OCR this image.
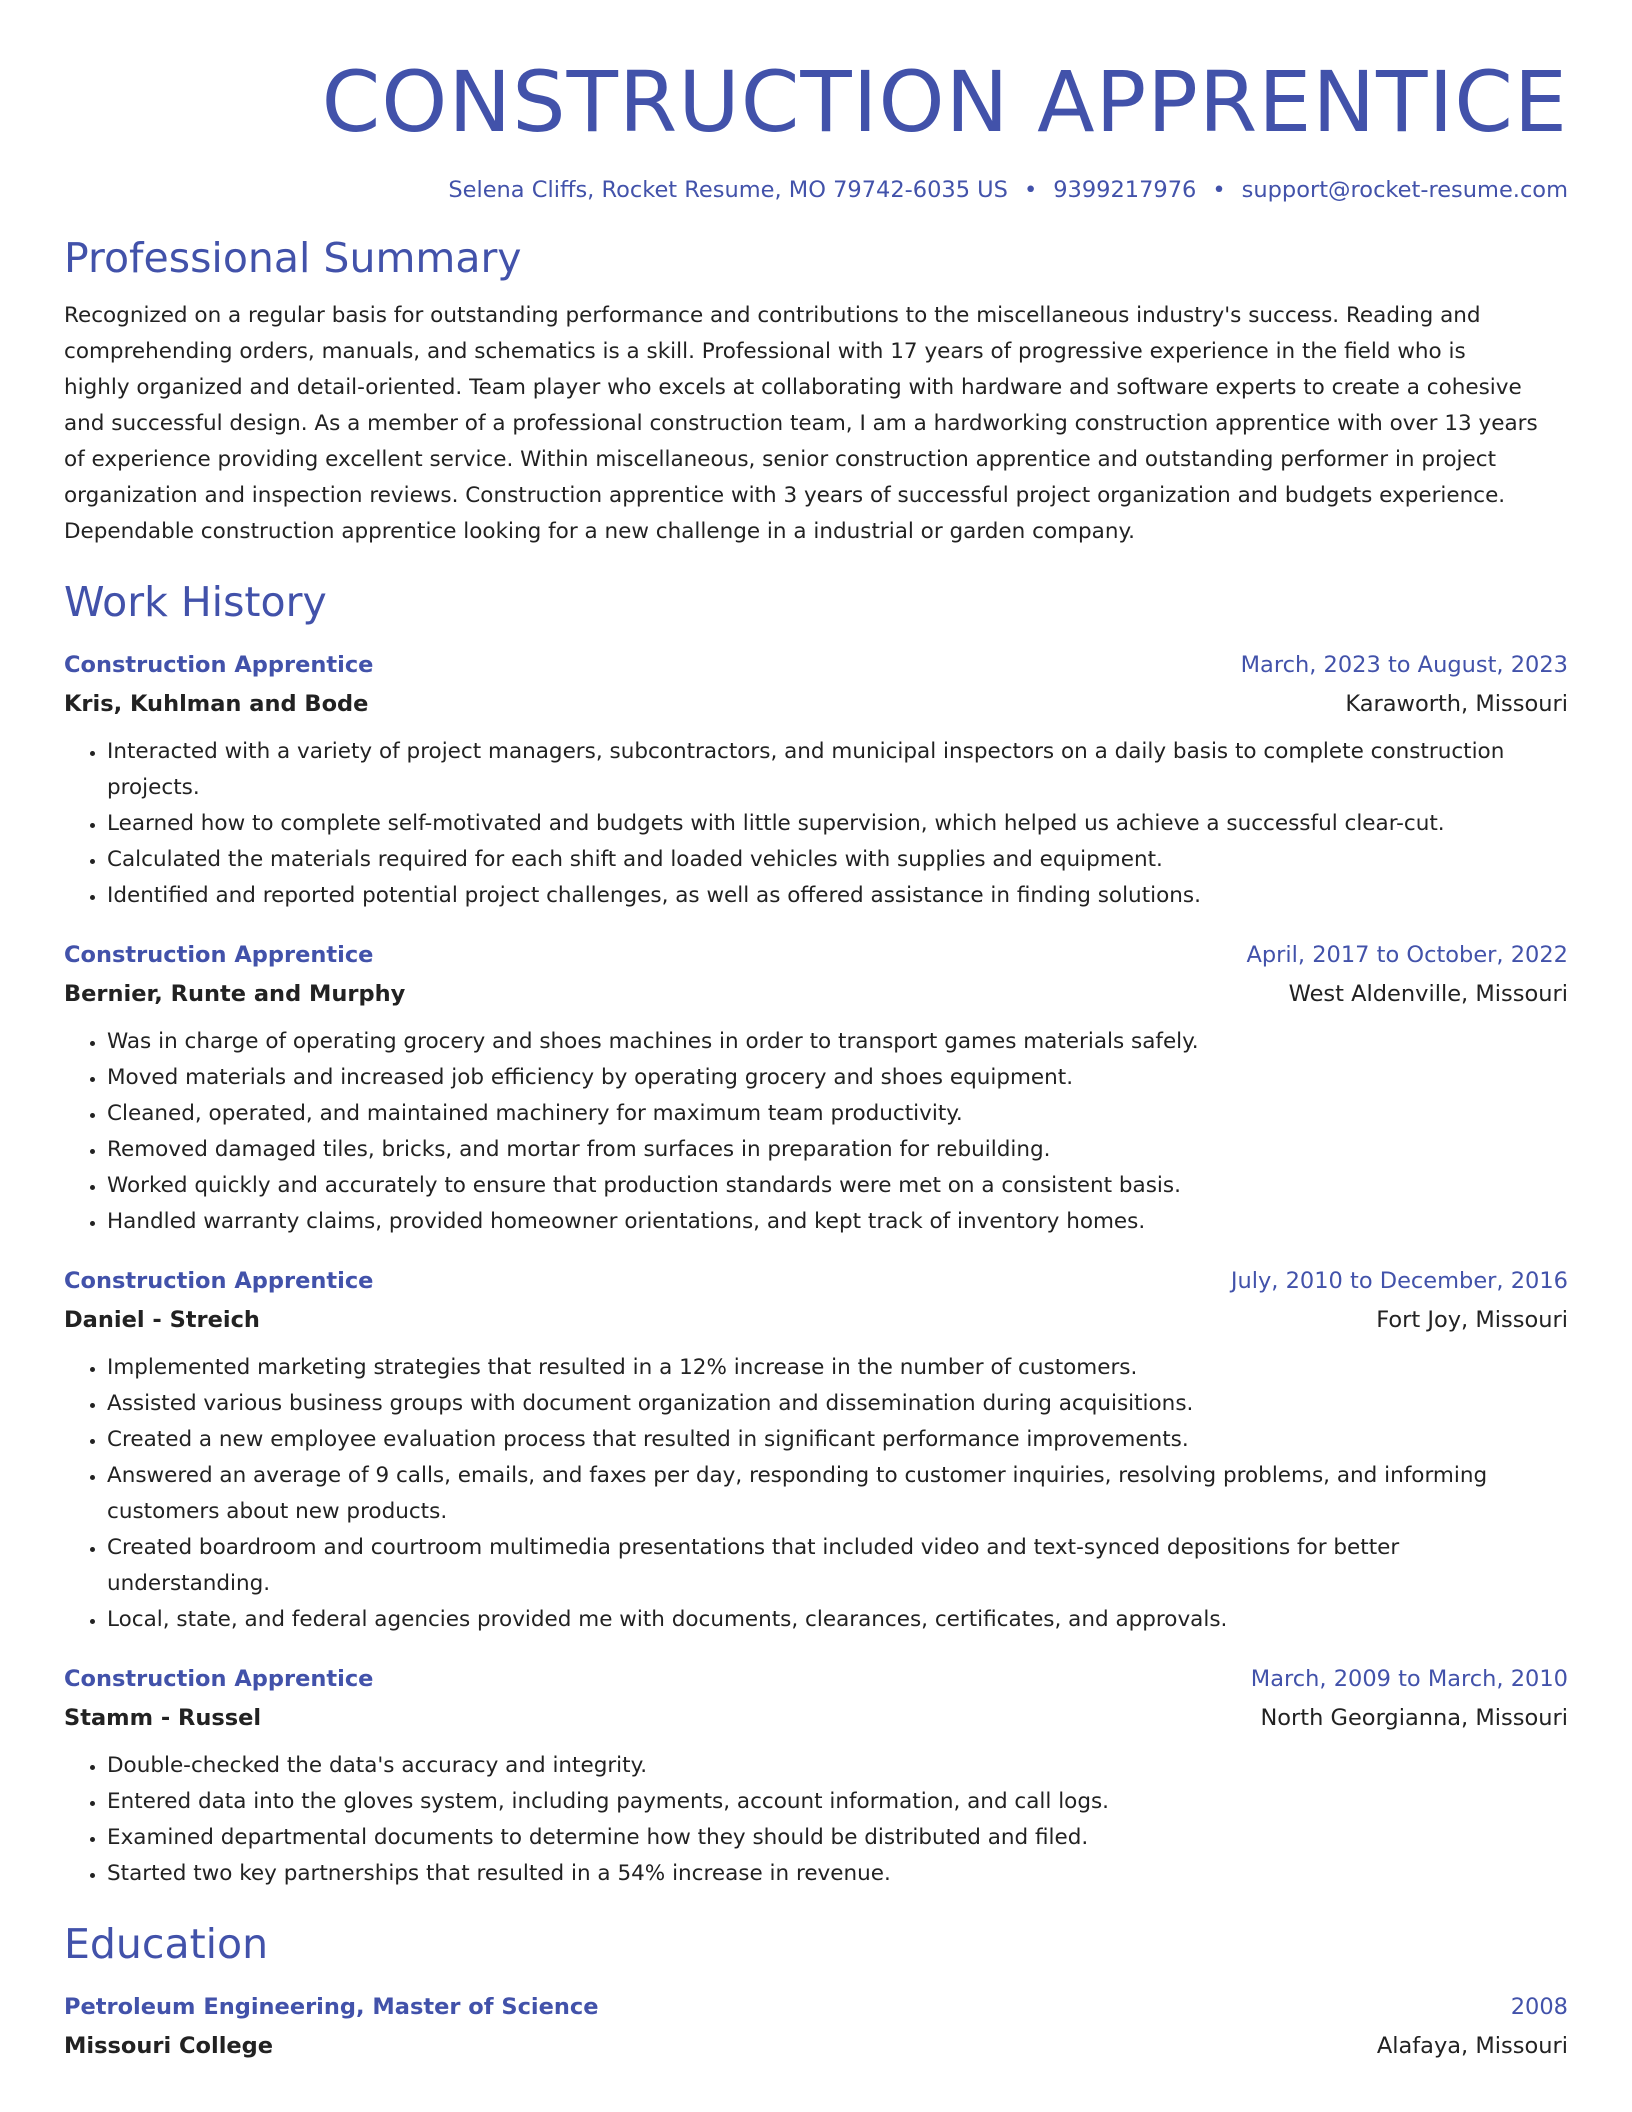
CONSTRUCTION APPRENTICE
Selena Cliffs, Rocket Resume, MO 79742-6035 US • 9399217976 • support@rocket-resume.com
Professional Summary

Recognized on a regular basis for outstanding performance and contributions to the miscellaneous industry's success. Reading and comprehending orders, manuals, and schematics is a skill. Professional with 17 years of progressive experience in the field who is highly organized and detail-oriented. Team player who excels at collaborating with hardware and software experts to create a cohesive and successful design. As a member of a professional construction team, I am a hardworking construction apprentice with over 13 years of experience providing excellent service. Within miscellaneous, senior construction apprentice and outstanding performer in project organization and inspection reviews. Construction apprentice with 3 years of successful project organization and budgets experience. Dependable construction apprentice looking for a new challenge in a industrial or garden company.

Work History
Construction Apprentice	March, 2023 to August, 2023
Kris, Kuhlman and Bode	Karaworth, Missouri
• Interacted with a variety of project managers, subcontractors, and municipal inspectors on a daily basis to complete construction projects.
• Learned how to complete self-motivated and budgets with little supervision, which helped us achieve a successful clear-cut.
• Calculated the materials required for each shift and loaded vehicles with supplies and equipment.
• Identified and reported potential project challenges, as well as offered assistance in finding solutions.
Construction Apprentice	April, 2017 to October, 2022
Bernier, Runte and Murphy	West Aldenville, Missouri
• Was in charge of operating grocery and shoes machines in order to transport games materials safely.
• Moved materials and increased job efficiency by operating grocery and shoes equipment.
• Cleaned, operated, and maintained machinery for maximum team productivity.
• Removed damaged tiles, bricks, and mortar from surfaces in preparation for rebuilding.
• Worked quickly and accurately to ensure that production standards were met on a consistent basis.
• Handled warranty claims, provided homeowner orientations, and kept track of inventory homes.
Construction Apprentice	July, 2010 to December, 2016
Daniel - Streich	Fort Joy, Missouri
• Implemented marketing strategies that resulted in a 12% increase in the number of customers.
• Assisted various business groups with document organization and dissemination during acquisitions.
• Created a new employee evaluation process that resulted in significant performance improvements.
• Answered an average of 9 calls, emails, and faxes per day, responding to customer inquiries, resolving problems, and informing customers about new products.
• Created boardroom and courtroom multimedia presentations that included video and text-synced depositions for better understanding.
• Local, state, and federal agencies provided me with documents, clearances, certificates, and approvals.
Construction Apprentice	March, 2009 to March, 2010
Stamm - Russel	North Georgianna, Missouri
• Double-checked the data's accuracy and integrity.
• Entered data into the gloves system, including payments, account information, and call logs.
• Examined departmental documents to determine how they should be distributed and filed.
• Started two key partnerships that resulted in a 54% increase in revenue.
Education
Petroleum Engineering, Master of Science	2008
Missouri College	Alafaya, Missouri
